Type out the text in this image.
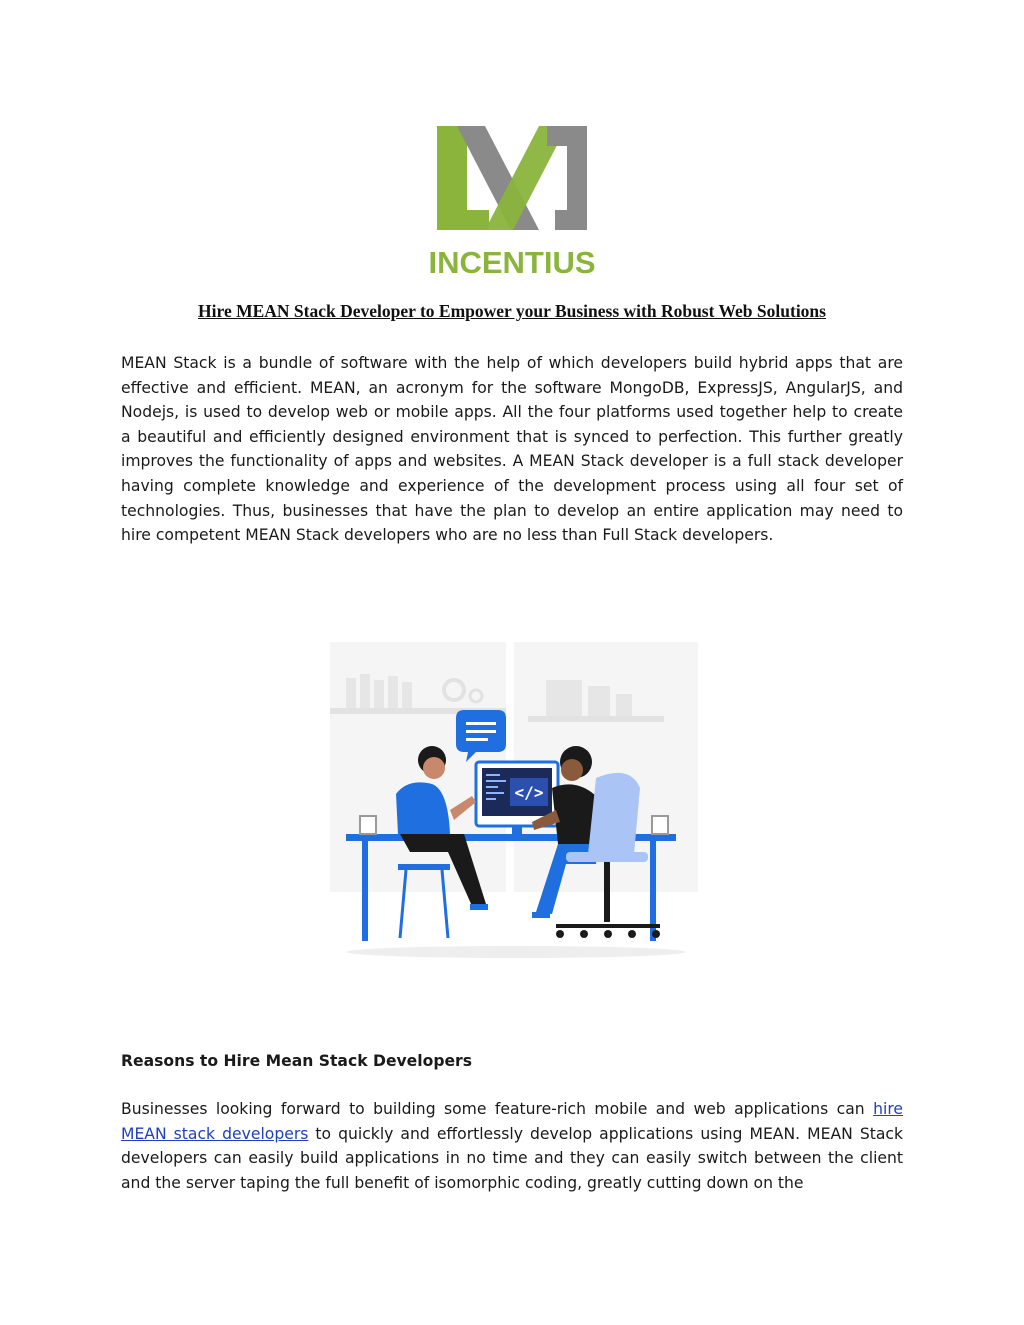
INCENTIUS
Hire MEAN Stack Developer to Empower your Business with Robust Web Solutions

MEAN Stack is a bundle of software with the help of which developers build hybrid apps that are effective and efficient. MEAN, an acronym for the software MongoDB, ExpressJS, AngularJS, and Nodejs, is used to develop web or mobile apps. All the four platforms used together help to create a beautiful and efficiently designed environment that is synced to perfection. This further greatly improves the functionality of apps and websites. A MEAN Stack developer is a full stack developer having complete knowledge and experience of the development process using all four set of technologies. Thus, businesses that have the plan to develop an entire application may need to hire competent MEAN Stack developers who are no less than Full Stack developers.

</>
Reasons to Hire Mean Stack Developers

Businesses looking forward to building some feature-rich mobile and web applications can hire MEAN stack developers to quickly and effortlessly develop applications using MEAN. MEAN Stack developers can easily build applications in no time and they can easily switch between the client and the server taping the full benefit of isomorphic coding, greatly cutting down on the
